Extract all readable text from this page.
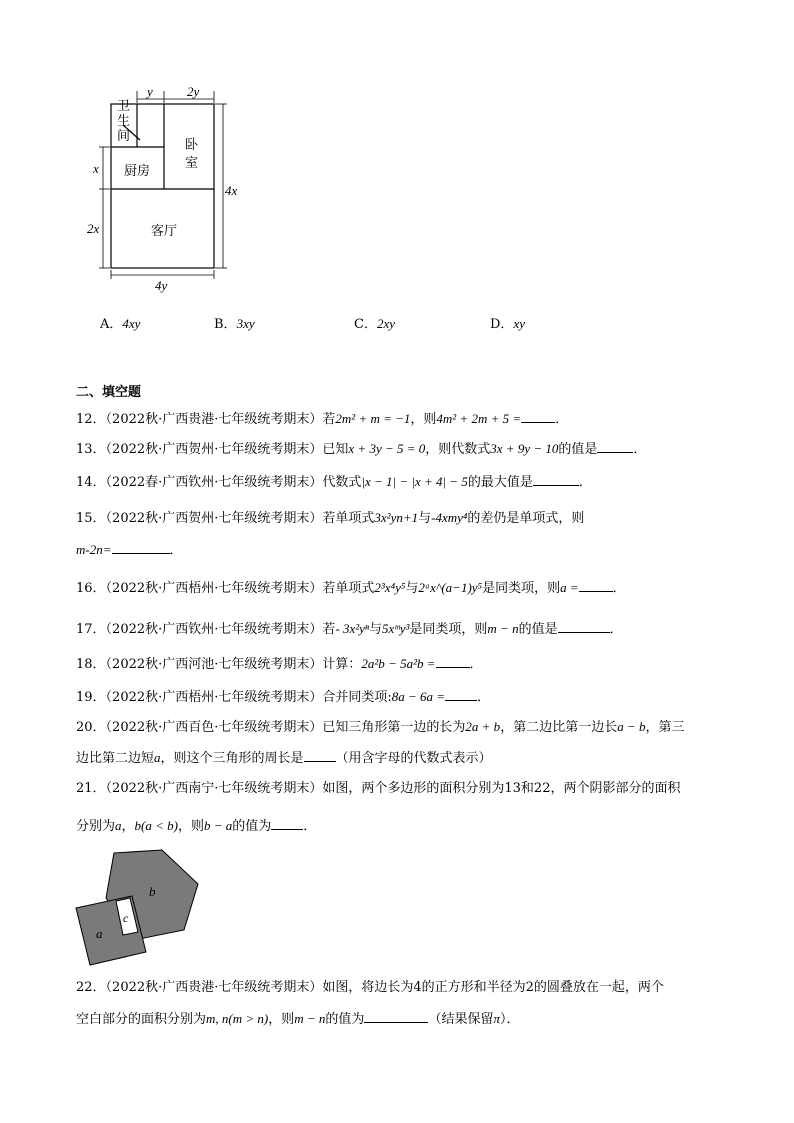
卫
生
间
厨房
卧
室
客厅
y	2y
x
2x
4x
4y
A．4xy	B．3xy	C．2xy	D．xy
二、填空题
12．（2022秋·广西贵港·七年级统考期末）若2m² + m = −1，则4m² + 2m + 5 =	．
13．（2022秋·广西贺州·七年级统考期末）已知x + 3y − 5 = 0，则代数式3x + 9y − 10的值是	．
14．（2022春·广西钦州·七年级统考期末）代数式|x − 1| − |x + 4| − 5的最大值是	．
15．（2022秋·广西贺州·七年级统考期末）若单项式3x²yn+1与-4xmy⁴的差仍是单项式，则
m-2n=	．
16．（2022秋·广西梧州·七年级统考期末）若单项式2³x⁴y⁵与2ᵃx^(a−1)y⁵是同类项，则a =	．
17．（2022秋·广西钦州·七年级统考期末）若- 3x²yⁿ与5xᵐy³是同类项，则m − n的值是	．
18．（2022秋·广西河池·七年级统考期末）计算：2a²b − 5a²b =	．
19．（2022秋·广西梧州·七年级统考期末）合并同类项:8a − 6a = ．
20．（2022秋·广西百色·七年级统考期末）已知三角形第一边的长为2a + b，第二边比第一边长a − b，第三
边比第二边短a，则这个三角形的周长是 （用含字母的代数式表示）
21．（2022秋·广西南宁·七年级统考期末）如图，两个多边形的面积分别为13和22，两个阴影部分的面积
分别为a，b(a < b)，则b − a的值为 ．
b
c
a
22．（2022秋·广西贵港·七年级统考期末）如图，将边长为4的正方形和半径为2的圆叠放在一起，两个
空白部分的面积分别为m, n(m > n)，则m − n的值为	（结果保留π）．
